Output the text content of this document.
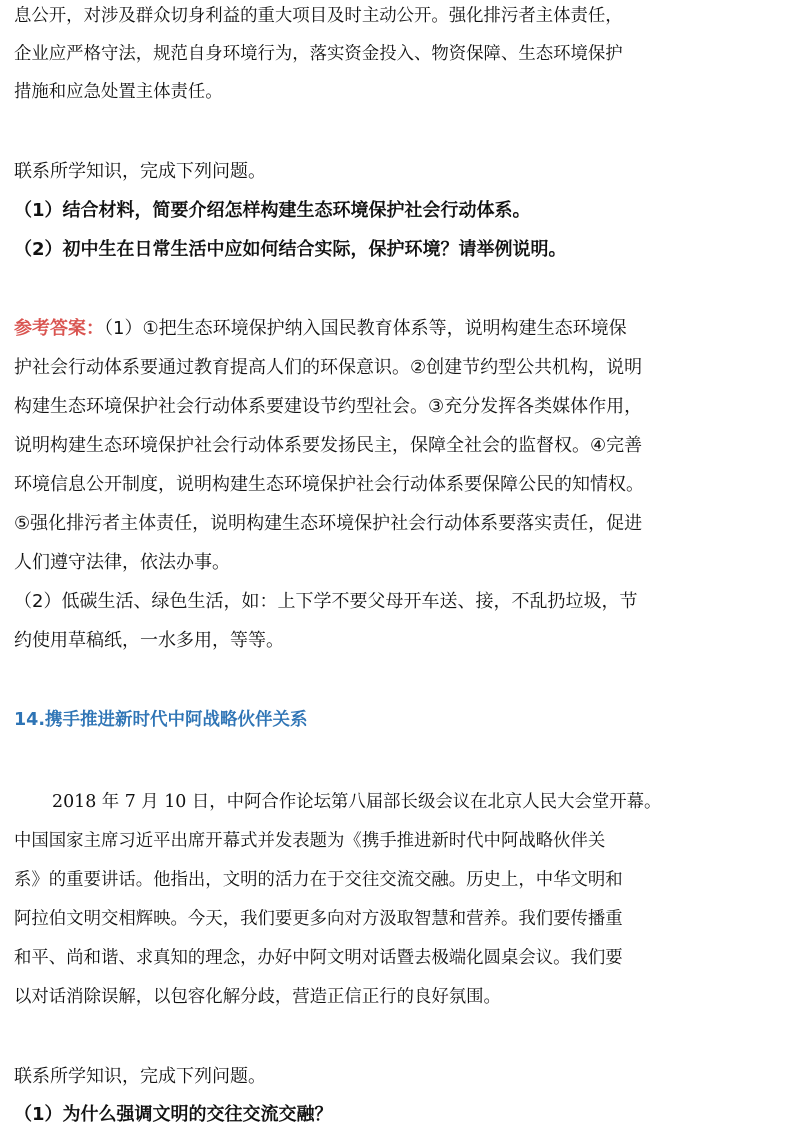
息公开，对涉及群众切身利益的重大项目及时主动公开。强化排污者主体责任，
企业应严格守法，规范自身环境行为，落实资金投入、物资保障、生态环境保护
措施和应急处置主体责任。
联系所学知识，完成下列问题。
（1）结合材料，简要介绍怎样构建生态环境保护社会行动体系。
（2）初中生在日常生活中应如何结合实际，保护环境？请举例说明。
参考答案：（1）①把生态环境保护纳入国民教育体系等，说明构建生态环境保
护社会行动体系要通过教育提高人们的环保意识。②创建节约型公共机构，说明
构建生态环境保护社会行动体系要建设节约型社会。③充分发挥各类媒体作用，
说明构建生态环境保护社会行动体系要发扬民主，保障全社会的监督权。④完善
环境信息公开制度，说明构建生态环境保护社会行动体系要保障公民的知情权。
⑤强化排污者主体责任，说明构建生态环境保护社会行动体系要落实责任，促进
人们遵守法律，依法办事。
（2）低碳生活、绿色生活，如：上下学不要父母开车送、接，不乱扔垃圾，节
约使用草稿纸，一水多用，等等。
14.携手推进新时代中阿战略伙伴关系
2018 年 7 月 10 日，中阿合作论坛第八届部长级会议在北京人民大会堂开幕。
中国国家主席习近平出席开幕式并发表题为《携手推进新时代中阿战略伙伴关
系》的重要讲话。他指出，文明的活力在于交往交流交融。历史上，中华文明和
阿拉伯文明交相辉映。今天，我们要更多向对方汲取智慧和营养。我们要传播重
和平、尚和谐、求真知的理念，办好中阿文明对话暨去极端化圆桌会议。我们要
以对话消除误解，以包容化解分歧，营造正信正行的良好氛围。
联系所学知识，完成下列问题。
（1）为什么强调文明的交往交流交融？
